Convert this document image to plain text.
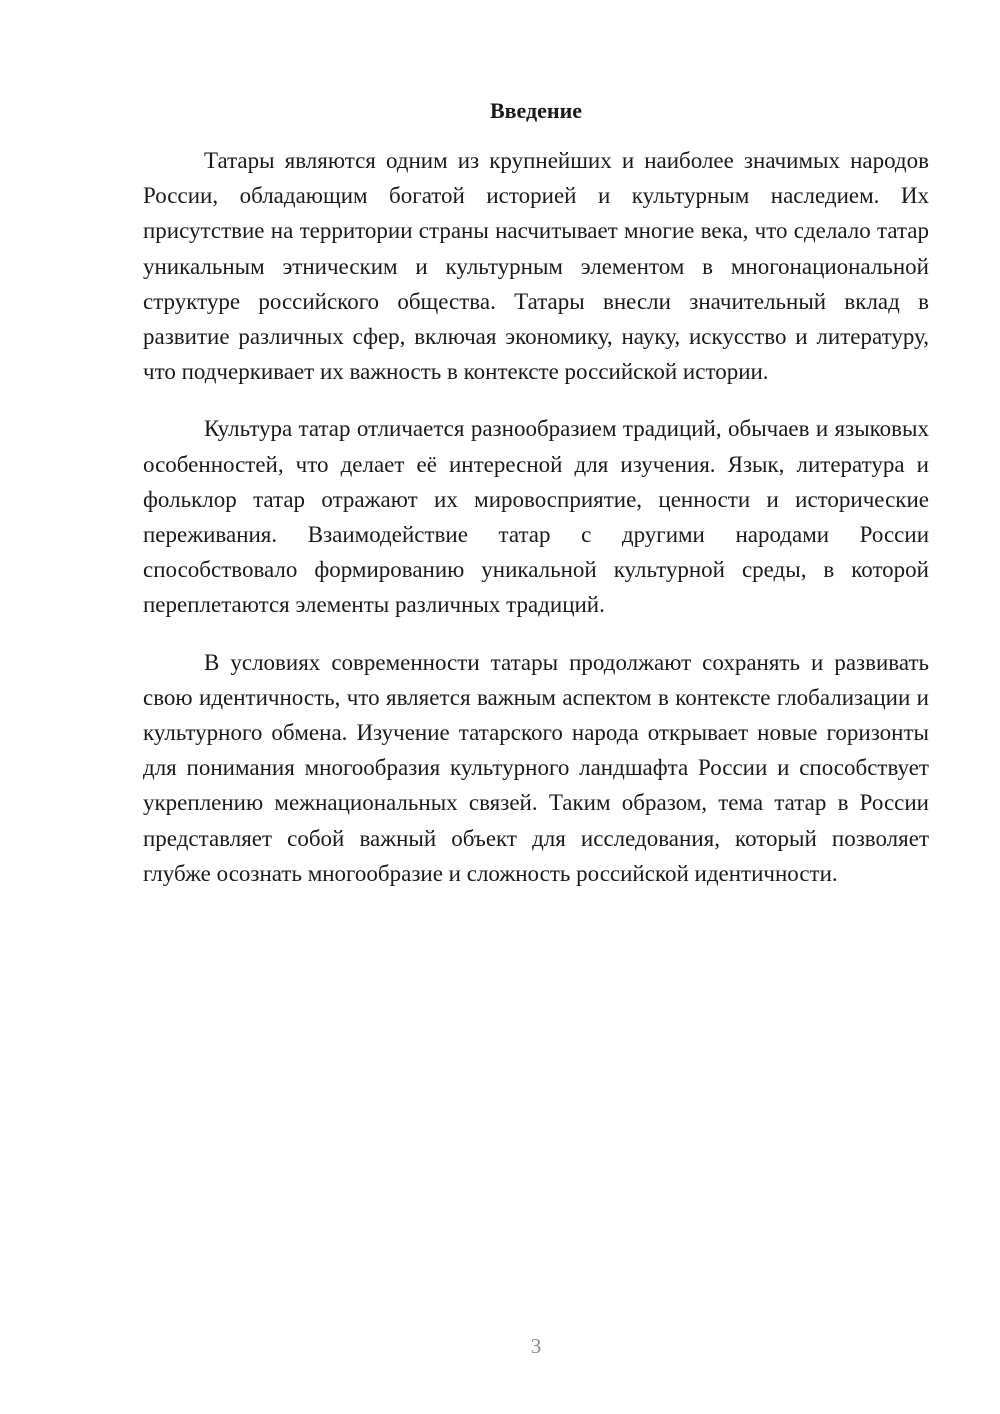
Введение

Татары являются одним из крупнейших и наиболее значимых народов России, обладающим богатой историей и культурным наследием. Их присутствие на территории страны насчитывает многие века, что сделало татар уникальным этническим и культурным элементом в многонациональной структуре российского общества. Татары внесли значительный вклад в развитие различных сфер, включая экономику, науку, искусство и литературу, что подчеркивает их важность в контексте российской истории.

Культура татар отличается разнообразием традиций, обычаев и языковых особенностей, что делает её интересной для изучения. Язык, литература и фольклор татар отражают их мировосприятие, ценности и исторические переживания. Взаимодействие татар с другими народами России способствовало формированию уникальной культурной среды, в которой переплетаются элементы различных традиций.

В условиях современности татары продолжают сохранять и развивать свою идентичность, что является важным аспектом в контексте глобализации и культурного обмена. Изучение татарского народа открывает новые горизонты для понимания многообразия культурного ландшафта России и способствует укреплению межнациональных связей. Таким образом, тема татар в России представляет собой важный объект для исследования, который позволяет глубже осознать многообразие и сложность российской идентичности.

3
